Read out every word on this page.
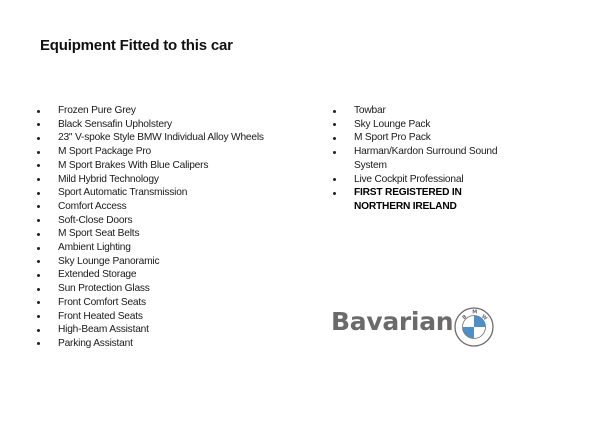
Equipment Fitted to this car
Frozen Pure Grey
Black Sensafin Upholstery
23" V-spoke Style BMW Individual Alloy Wheels
M Sport Package Pro
M Sport Brakes With Blue Calipers
Mild Hybrid Technology
Sport Automatic Transmission
Comfort Access
Soft-Close Doors
M Sport Seat Belts
Ambient Lighting
Sky Lounge Panoramic
Extended Storage
Sun Protection Glass
Front Comfort Seats
Front Heated Seats
High-Beam Assistant
Parking Assistant
Towbar
Sky Lounge Pack
M Sport Pro Pack
Harman/Kardon Surround Sound System
Live Cockpit Professional
FIRST REGISTERED IN NORTHERN IRELAND
Bavarian B
M
W
